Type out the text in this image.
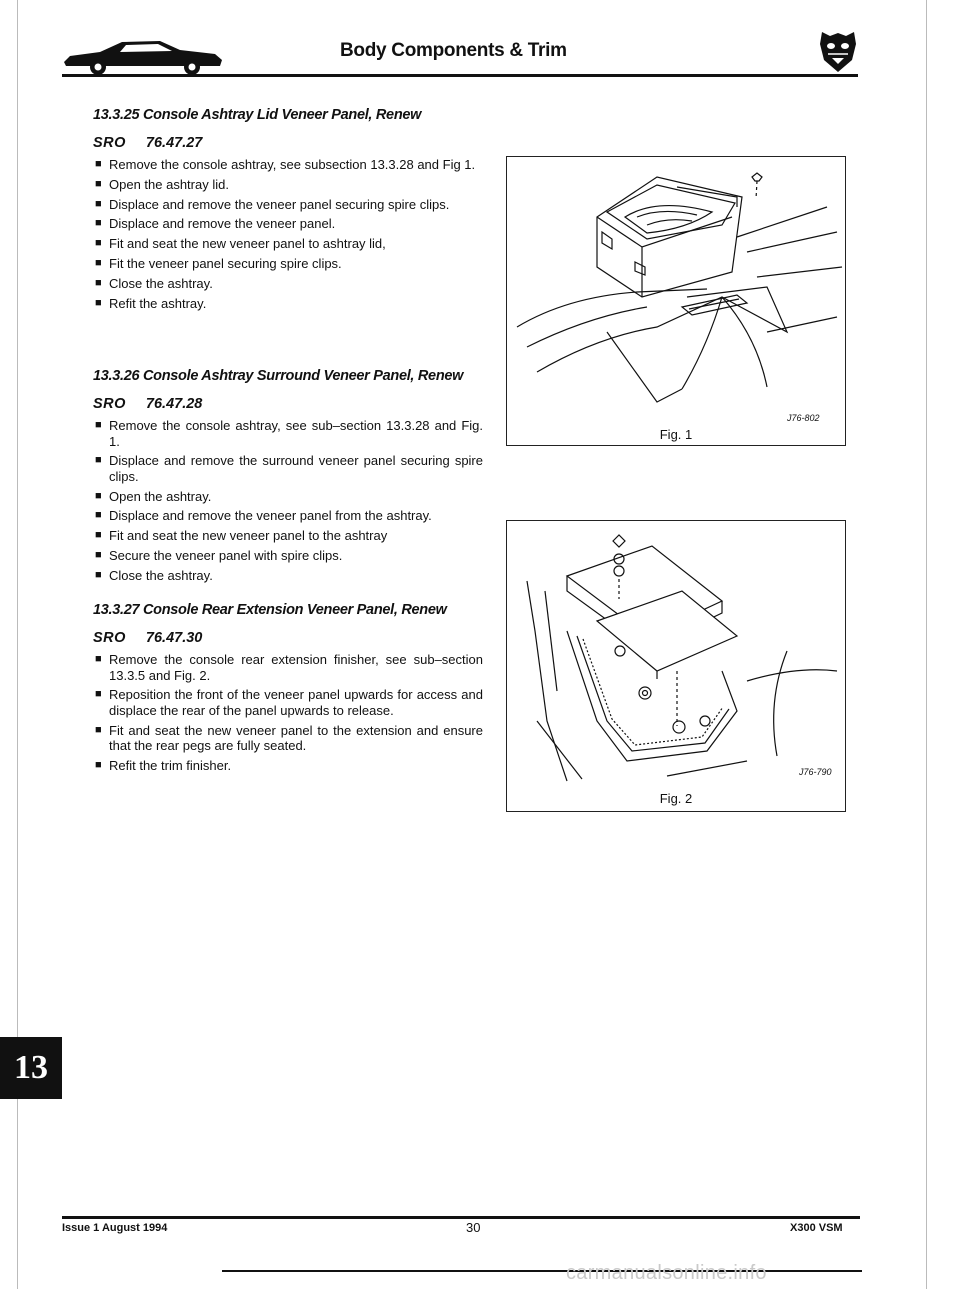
Body Components & Trim

13.3.25 Console Ashtray Lid Veneer Panel, Renew

SRO 76.47.27

■ Remove the console ashtray, see subsection 13.3.28 and Fig 1.
■ Open the ashtray lid.
■ Displace and remove the veneer panel securing spire clips.
■ Displace and remove the veneer panel.
■ Fit and seat the new veneer panel to ashtray lid,
■ Fit the veneer panel securing spire clips.
■ Close the ashtray.
■ Refit the ashtray.

13.3.26 Console Ashtray Surround Veneer Panel, Renew

SRO 76.47.28

■ Remove the console ashtray, see sub–section 13.3.28 and Fig. 1.
■ Displace and remove the surround veneer panel securing spire clips.
■ Open the ashtray.
■ Displace and remove the veneer panel from the ashtray.
■ Fit and seat the new veneer panel to the ashtray
■ Secure the veneer panel with spire clips.
■ Close the ashtray.

13.3.27 Console Rear Extension Veneer Panel, Renew

SRO 76.47.30

■ Remove the console rear extension finisher, see sub–section 13.3.5 and Fig. 2.
■ Reposition the front of the veneer panel upwards for access and displace the rear of the panel upwards to release.
■ Fit and seat the new veneer panel to the extension and ensure that the rear pegs are fully seated.
■ Refit the trim finisher.
J76-802
Fig. 1
J76-790
Fig. 2
13
Issue 1 August 1994	30	X300 VSM
carmanualsonline.info
